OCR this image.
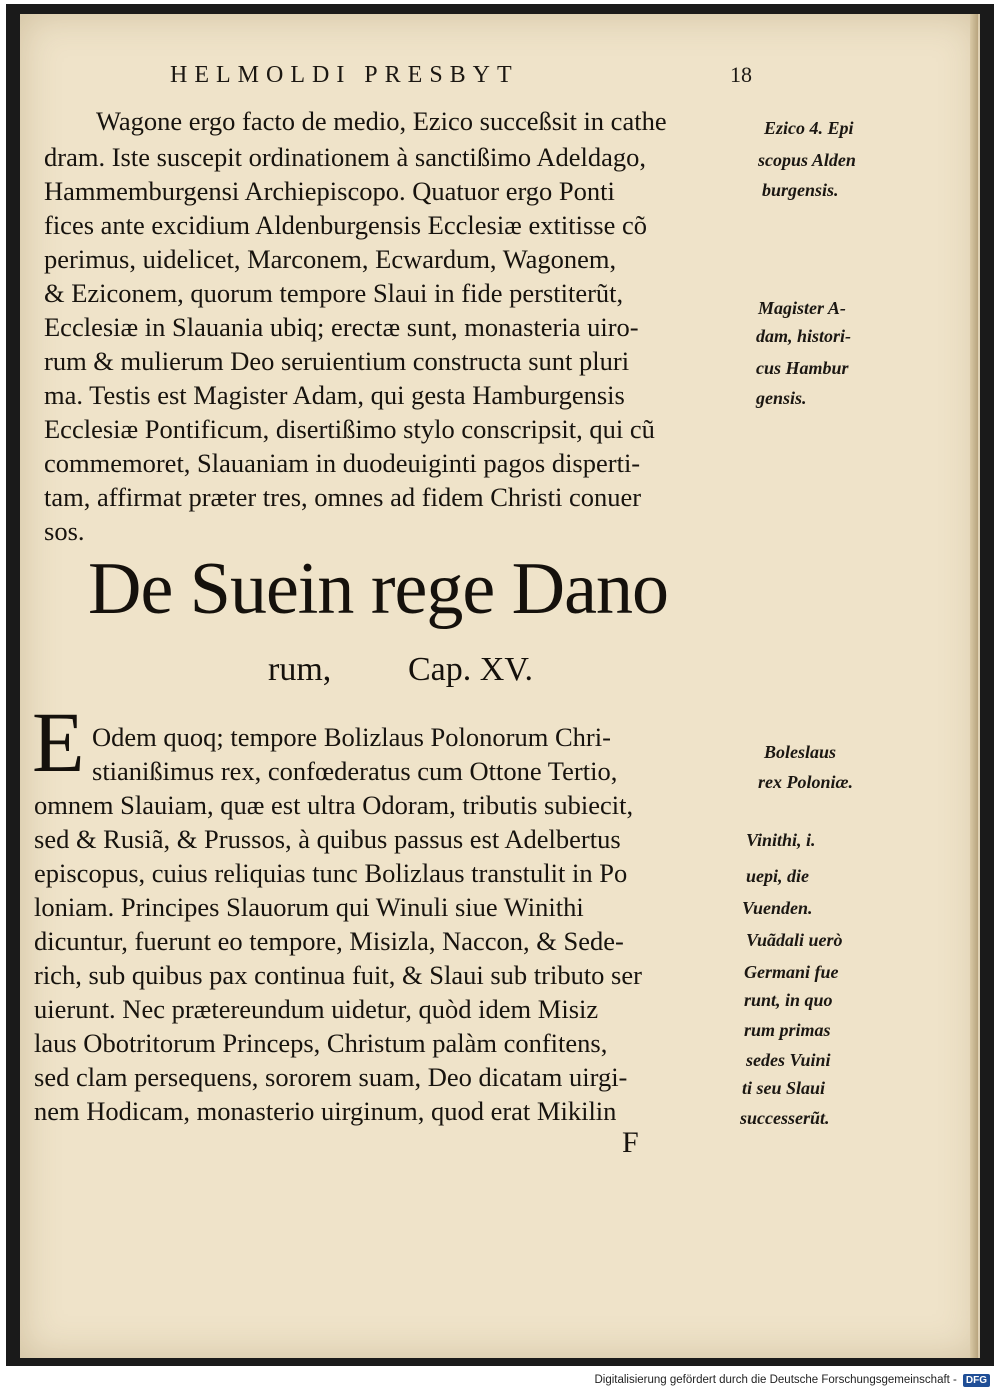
HELMOLDI PRESBYT	18
Wagone ergo facto de medio, Ezico succeßsit in cathe
dram. Iste suscepit ordinationem à sanctißimo Adeldago,
Hammemburgensi Archiepiscopo. Quatuor ergo Ponti
fices ante excidium Aldenburgensis Ecclesiæ extitisse cõ
perimus, uidelicet, Marconem, Ecwardum, Wagonem,
& Eziconem, quorum tempore Slaui in fide perstiterũt,
Ecclesiæ in Slauania ubiq; erectæ sunt, monasteria uiro-
rum & mulierum Deo seruientium constructa sunt pluri
ma. Testis est Magister Adam, qui gesta Hamburgensis
Ecclesiæ Pontificum, disertißimo stylo conscripsit, qui cũ
commemoret, Slauaniam in duodeuiginti pagos disperti-
tam, affirmat præter tres, omnes ad fidem Christi conuer
sos.
Ezico 4. Epi
scopus Alden
burgensis.
Magister A-
dam, histori-
cus Hambur
gensis.
De Suein rege Dano
rum, Cap. XV.
E Odem quoq; tempore Bolizlaus Polonorum Chri-
stianißimus rex, confœderatus cum Ottone Tertio,
omnem Slauiam, quæ est ultra Odoram, tributis subiecit,
sed & Rusiã, & Prussos, à quibus passus est Adelbertus
episcopus, cuius reliquias tunc Bolizlaus transtulit in Po
loniam. Principes Slauorum qui Winuli siue Winithi
dicuntur, fuerunt eo tempore, Misizla, Naccon, & Sede-
rich, sub quibus pax continua fuit, & Slaui sub tributo ser
uierunt. Nec prætereundum uidetur, quòd idem Misiz
laus Obotritorum Princeps, Christum palàm confitens,
sed clam persequens, sororem suam, Deo dicatam uirgi-
nem Hodicam, monasterio uirginum, quod erat Mikilin
Boleslaus
rex Poloniæ.
Vinithi, i.
uepi, die
Vuenden.
Vuãdali uerò
Germani fue
runt, in quo
rum primas
sedes Vuini
ti seu Slaui
successerũt.
F
Digitalisierung gefördert durch die Deutsche Forschungsgemeinschaft - DFG
